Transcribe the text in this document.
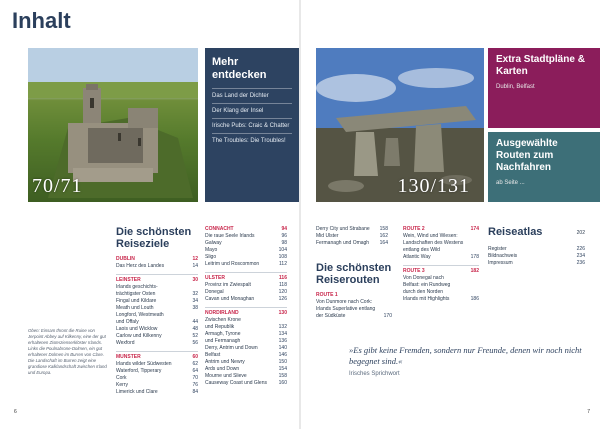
Inhalt
70/71
Mehr entdecken
Das Land der Dichter
Der Klang der Insel
Irische Pubs: Craic & Chatter
The Troubles: Die Troubles!
Die schönsten Reiseziele
DUBLIN	12
Das Herz des Landes	14
LEINSTER	30
Irlands geschichts-
trächtigster Osten	32
Fingal und Kildare	34
Meath und Louth	38
Longford, Westmeath
und Offaly	44
Laois und Wicklow	48
Carlow und Kilkenny	52
Wexford	56
MUNSTER	60
Irlands wilder Südwesten	62
Waterford, Tipperary	64
Cork	70
Kerry	76
Limerick und Clare	84
CONNACHT	94
Die raue Seele Irlands	96
Galway	98
Mayo	104
Sligo	108
Leitrim und Roscommon	112
ULSTER	116
Provinz im Zwiespalt	118
Donegal	120
Cavan und Monaghan	126
NORDIRLAND	130
Zwischen Krone
und Republik	132
Armagh, Tyrone	134
und Fermanagh	136
Derry, Antrim und Down	140
Belfast	146
Antrim und Newry	150
Ards und Down	154
Mourne und Slieve	158
Causeway Coast und Glens 160
Oben: Einsam thront die Ruine von Jerpoint Abbey auf Kilkenny, eine der gut erhaltenen Zisterzienserklöster Irlands. Links die Poulnabrone-Dolmen, ein gut erhaltener Dolmen im Burren von Clare. Die Landschaft im Burren zeigt eine grandiose Kalklandschaft zwischen Irland und Europa.
6
130/131
Extra Stadtpläne & Karten
Dublin, Belfast
Ausgewählte Routen zum Nachfahren
ab Seite ...
Derry City und Strabane 158
Mid Ulster	162
Fermanagh und Omagh 164
Die schönsten Reiserouten
ROUTE 1
Von Dunmore nach Cork:
Irlands Superlative entlang
der Südküste	170
ROUTE 2	174
Wein, Wind und Wiesen:
Landschaften des Westens
entlang des Wild
Atlantic Way	178
ROUTE 3	182
Von Donegal nach
Belfast: ein Rundweg
durch den Norden
Irlands mit Highlights	186
Reiseatlas	202
Register	226
Bildnachweis	234
Impressum	236
»Es gibt keine Fremden, sondern nur Freunde, denen wir noch nicht begegnet sind.«
Irisches Sprichwort
7
